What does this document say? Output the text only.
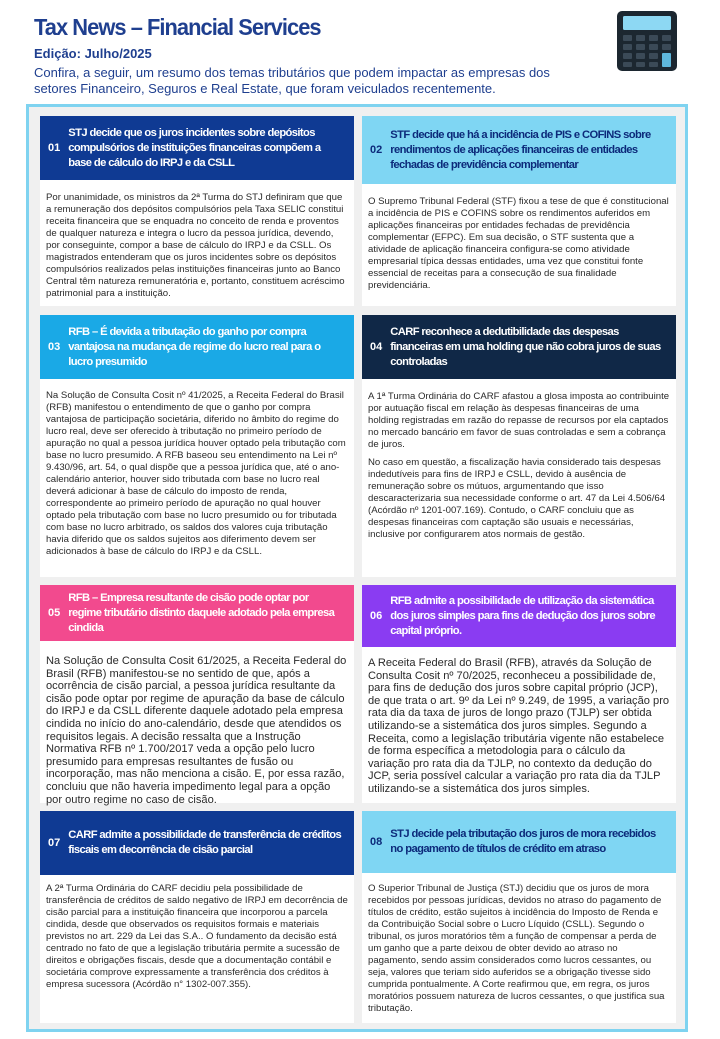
Tax News – Financial Services
Edição: Julho/2025
Confira, a seguir, um resumo dos temas tributários que podem impactar as empresas dos setores Financeiro, Seguros e Real Estate, que foram veiculados recentemente.
01
STJ decide que os juros incidentes sobre depósitos compulsórios de instituições financeiras compõem a base de cálculo do IRPJ e da CSLL

Por unanimidade, os ministros da 2ª Turma do STJ definiram que que a remuneração dos depósitos compulsórios pela Taxa SELIC constitui receita financeira que se enquadra no conceito de renda e proventos de qualquer natureza e integra o lucro da pessoa jurídica, devendo, por conseguinte, compor a base de cálculo do IRPJ e da CSLL. Os magistrados entenderam que os juros incidentes sobre os depósitos compulsórios realizados pelas instituições financeiras junto ao Banco Central têm natureza remuneratória e, portanto, constituem acréscimo patrimonial para a instituição.

02
STF decide que há a incidência de PIS e COFINS sobre rendimentos de aplicações financeiras de entidades fechadas de previdência complementar

O Supremo Tribunal Federal (STF) fixou a tese de que é constitucional a incidência de PIS e COFINS sobre os rendimentos auferidos em aplicações financeiras por entidades fechadas de previdência complementar (EFPC). Em sua decisão, o STF sustenta que a atividade de aplicação financeira configura-se como atividade empresarial típica dessas entidades, uma vez que constitui fonte essencial de receitas para a consecução de sua finalidade previdenciária.

03
RFB – É devida a tributação do ganho por compra vantajosa na mudança de regime do lucro real para o lucro presumido

Na Solução de Consulta Cosit nº 41/2025, a Receita Federal do Brasil (RFB) manifestou o entendimento de que o ganho por compra vantajosa de participação societária, diferido no âmbito do regime do lucro real, deve ser oferecido à tributação no primeiro período de apuração no qual a pessoa jurídica houver optado pela tributação com base no lucro presumido. A RFB baseou seu entendimento na Lei nº 9.430/96, art. 54, o qual dispõe que a pessoa jurídica que, até o ano-calendário anterior, houver sido tributada com base no lucro real deverá adicionar à base de cálculo do imposto de renda, correspondente ao primeiro período de apuração no qual houver optado pela tributação com base no lucro presumido ou for tributada com base no lucro arbitrado, os saldos dos valores cuja tributação havia diferido que os saldos sujeitos aos diferimento devem ser adicionados à base de cálculo do IRPJ e da CSLL.

04
CARF reconhece a dedutibilidade das despesas financeiras em uma holding que não cobra juros de suas controladas

A 1ª Turma Ordinária do CARF afastou a glosa imposta ao contribuinte por autuação fiscal em relação às despesas financeiras de uma holding registradas em razão do repasse de recursos por ela captados no mercado bancário em favor de suas controladas e sem a cobrança de juros.

No caso em questão, a fiscalização havia considerado tais despesas indedutíveis para fins de IRPJ e CSLL, devido à ausência de remuneração sobre os mútuos, argumentando que isso descaracterizaria sua necessidade conforme o art. 47 da Lei 4.506/64 (Acórdão nº 1201-007.169). Contudo, o CARF concluiu que as despesas financeiras com captação são usuais e necessárias, inclusive por configurarem atos normais de gestão.

05
RFB – Empresa resultante de cisão pode optar por regime tributário distinto daquele adotado pela empresa cindida

Na Solução de Consulta Cosit 61/2025, a Receita Federal do Brasil (RFB) manifestou-se no sentido de que, após a ocorrência de cisão parcial, a pessoa jurídica resultante da cisão pode optar por regime de apuração da base de cálculo do IRPJ e da CSLL diferente daquele adotado pela empresa cindida no início do ano-calendário, desde que atendidos os requisitos legais. A decisão ressalta que a Instrução Normativa RFB nº 1.700/2017 veda a opção pelo lucro presumido para empresas resultantes de fusão ou incorporação, mas não menciona a cisão. E, por essa razão, concluiu que não haveria impedimento legal para a opção por outro regime no caso de cisão.

06
RFB admite a possibilidade de utilização da sistemática dos juros simples para fins de dedução dos juros sobre capital próprio.

A Receita Federal do Brasil (RFB), através da Solução de Consulta Cosit nº 70/2025, reconheceu a possibilidade de, para fins de dedução dos juros sobre capital próprio (JCP), de que trata o art. 9º da Lei nº 9.249, de 1995, a variação pro rata dia da taxa de juros de longo prazo (TJLP) ser obtida utilizando-se a sistemática dos juros simples. Segundo a Receita, como a legislação tributária vigente não estabelece de forma específica a metodologia para o cálculo da variação pro rata dia da TJLP, no contexto da dedução do JCP, seria possível calcular a variação pro rata dia da TJLP utilizando-se a sistemática dos juros simples.

07
CARF admite a possibilidade de transferência de créditos fiscais em decorrência de cisão parcial

A 2ª Turma Ordinária do CARF decidiu pela possibilidade de transferência de créditos de saldo negativo de IRPJ em decorrência de cisão parcial para a instituição financeira que incorporou a parcela cindida, desde que observados os requisitos formais e materiais previstos no art. 229 da Lei das S.A.. O fundamento da decisão está centrado no fato de que a legislação tributária permite a sucessão de direitos e obrigações fiscais, desde que a documentação contábil e societária comprove expressamente a transferência dos créditos à empresa sucessora (Acórdão n° 1302-007.355).

08
STJ decide pela tributação dos juros de mora recebidos no pagamento de títulos de crédito em atraso

O Superior Tribunal de Justiça (STJ) decidiu que os juros de mora recebidos por pessoas jurídicas, devidos no atraso do pagamento de títulos de crédito, estão sujeitos à incidência do Imposto de Renda e da Contribuição Social sobre o Lucro Líquido (CSLL). Segundo o tribunal, os juros moratórios têm a função de compensar a perda de um ganho que a parte deixou de obter devido ao atraso no pagamento, sendo assim considerados como lucros cessantes, ou seja, valores que teriam sido auferidos se a obrigação tivesse sido cumprida pontualmente. A Corte reafirmou que, em regra, os juros moratórios possuem natureza de lucros cessantes, o que justifica sua tributação.
